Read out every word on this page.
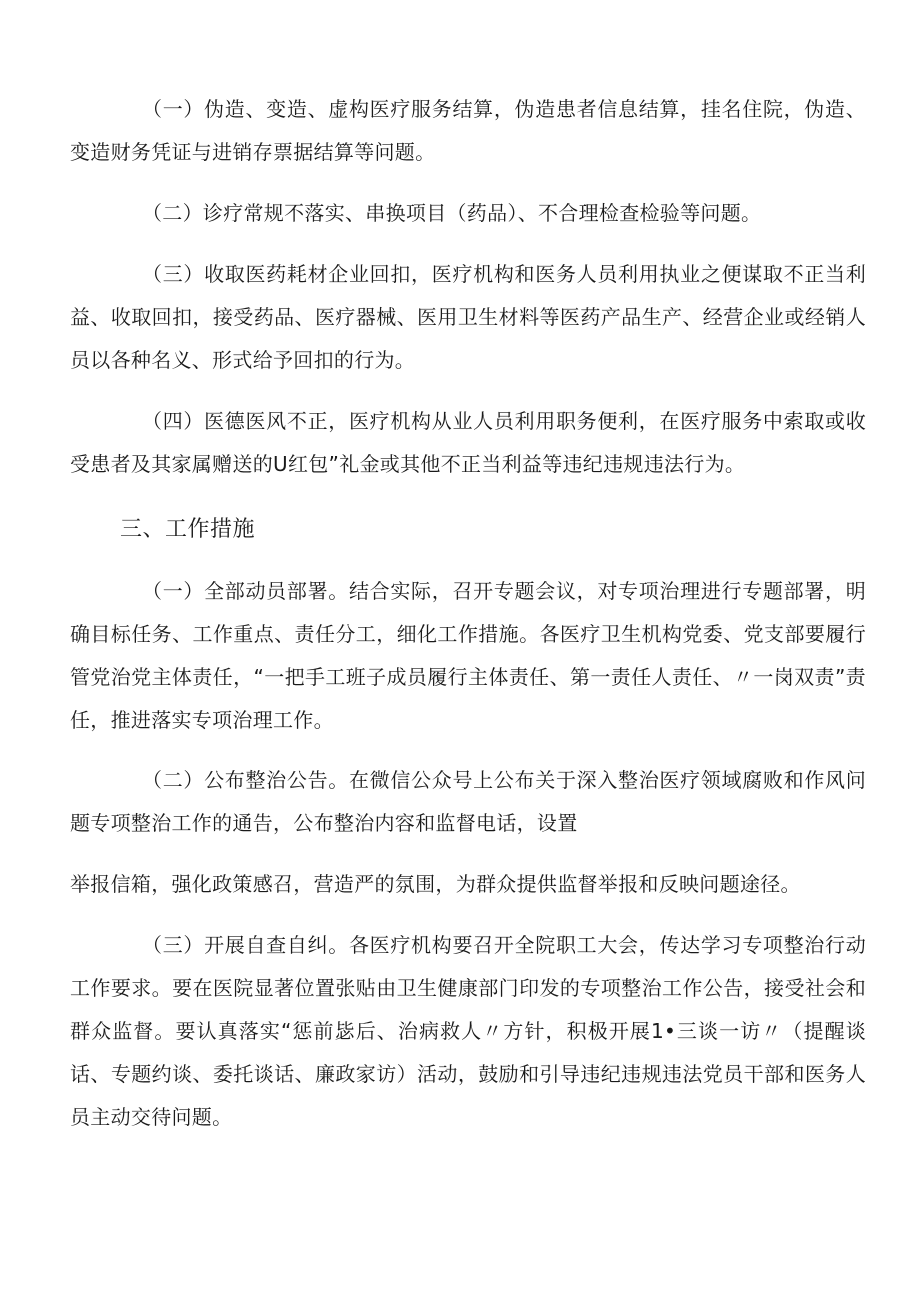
（一）伪造、变造、虚构医疗服务结算，伪造患者信息结算，挂名住院，伪造、变造财务凭证与进销存票据结算等问题。

（二）诊疗常规不落实、串换项目（药品）、不合理检查检验等问题。

（三）收取医药耗材企业回扣，医疗机构和医务人员利用执业之便谋取不正当利益、收取回扣，接受药品、医疗器械、医用卫生材料等医药产品生产、经营企业或经销人员以各种名义、形式给予回扣的行为。

（四）医德医风不正，医疗机构从业人员利用职务便利，在医疗服务中索取或收受患者及其家属赠送的U红包”礼金或其他不正当利益等违纪违规违法行为。

三、工作措施

（一）全部动员部署。结合实际，召开专题会议，对专项治理进行专题部署，明确目标任务、工作重点、责任分工，细化工作措施。各医疗卫生机构党委、党支部要履行管党治党主体责任，“一把手工班子成员履行主体责任、第一责任人责任、〃一岗双责”责任，推进落实专项治理工作。

（二）公布整治公告。在微信公众号上公布关于深入整治医疗领域腐败和作风问题专项整治工作的通告，公布整治内容和监督电话，设置

举报信箱，强化政策感召，营造严的氛围，为群众提供监督举报和反映问题途径。

（三）开展自查自纠。各医疗机构要召开全院职工大会，传达学习专项整治行动工作要求。要在医院显著位置张贴由卫生健康部门印发的专项整治工作公告，接受社会和群众监督。要认真落实“惩前毖后、治病救人〃方针，积极开展1•三谈一访〃（提醒谈话、专题约谈、委托谈话、廉政家访）活动，鼓励和引导违纪违规违法党员干部和医务人员主动交待问题。
